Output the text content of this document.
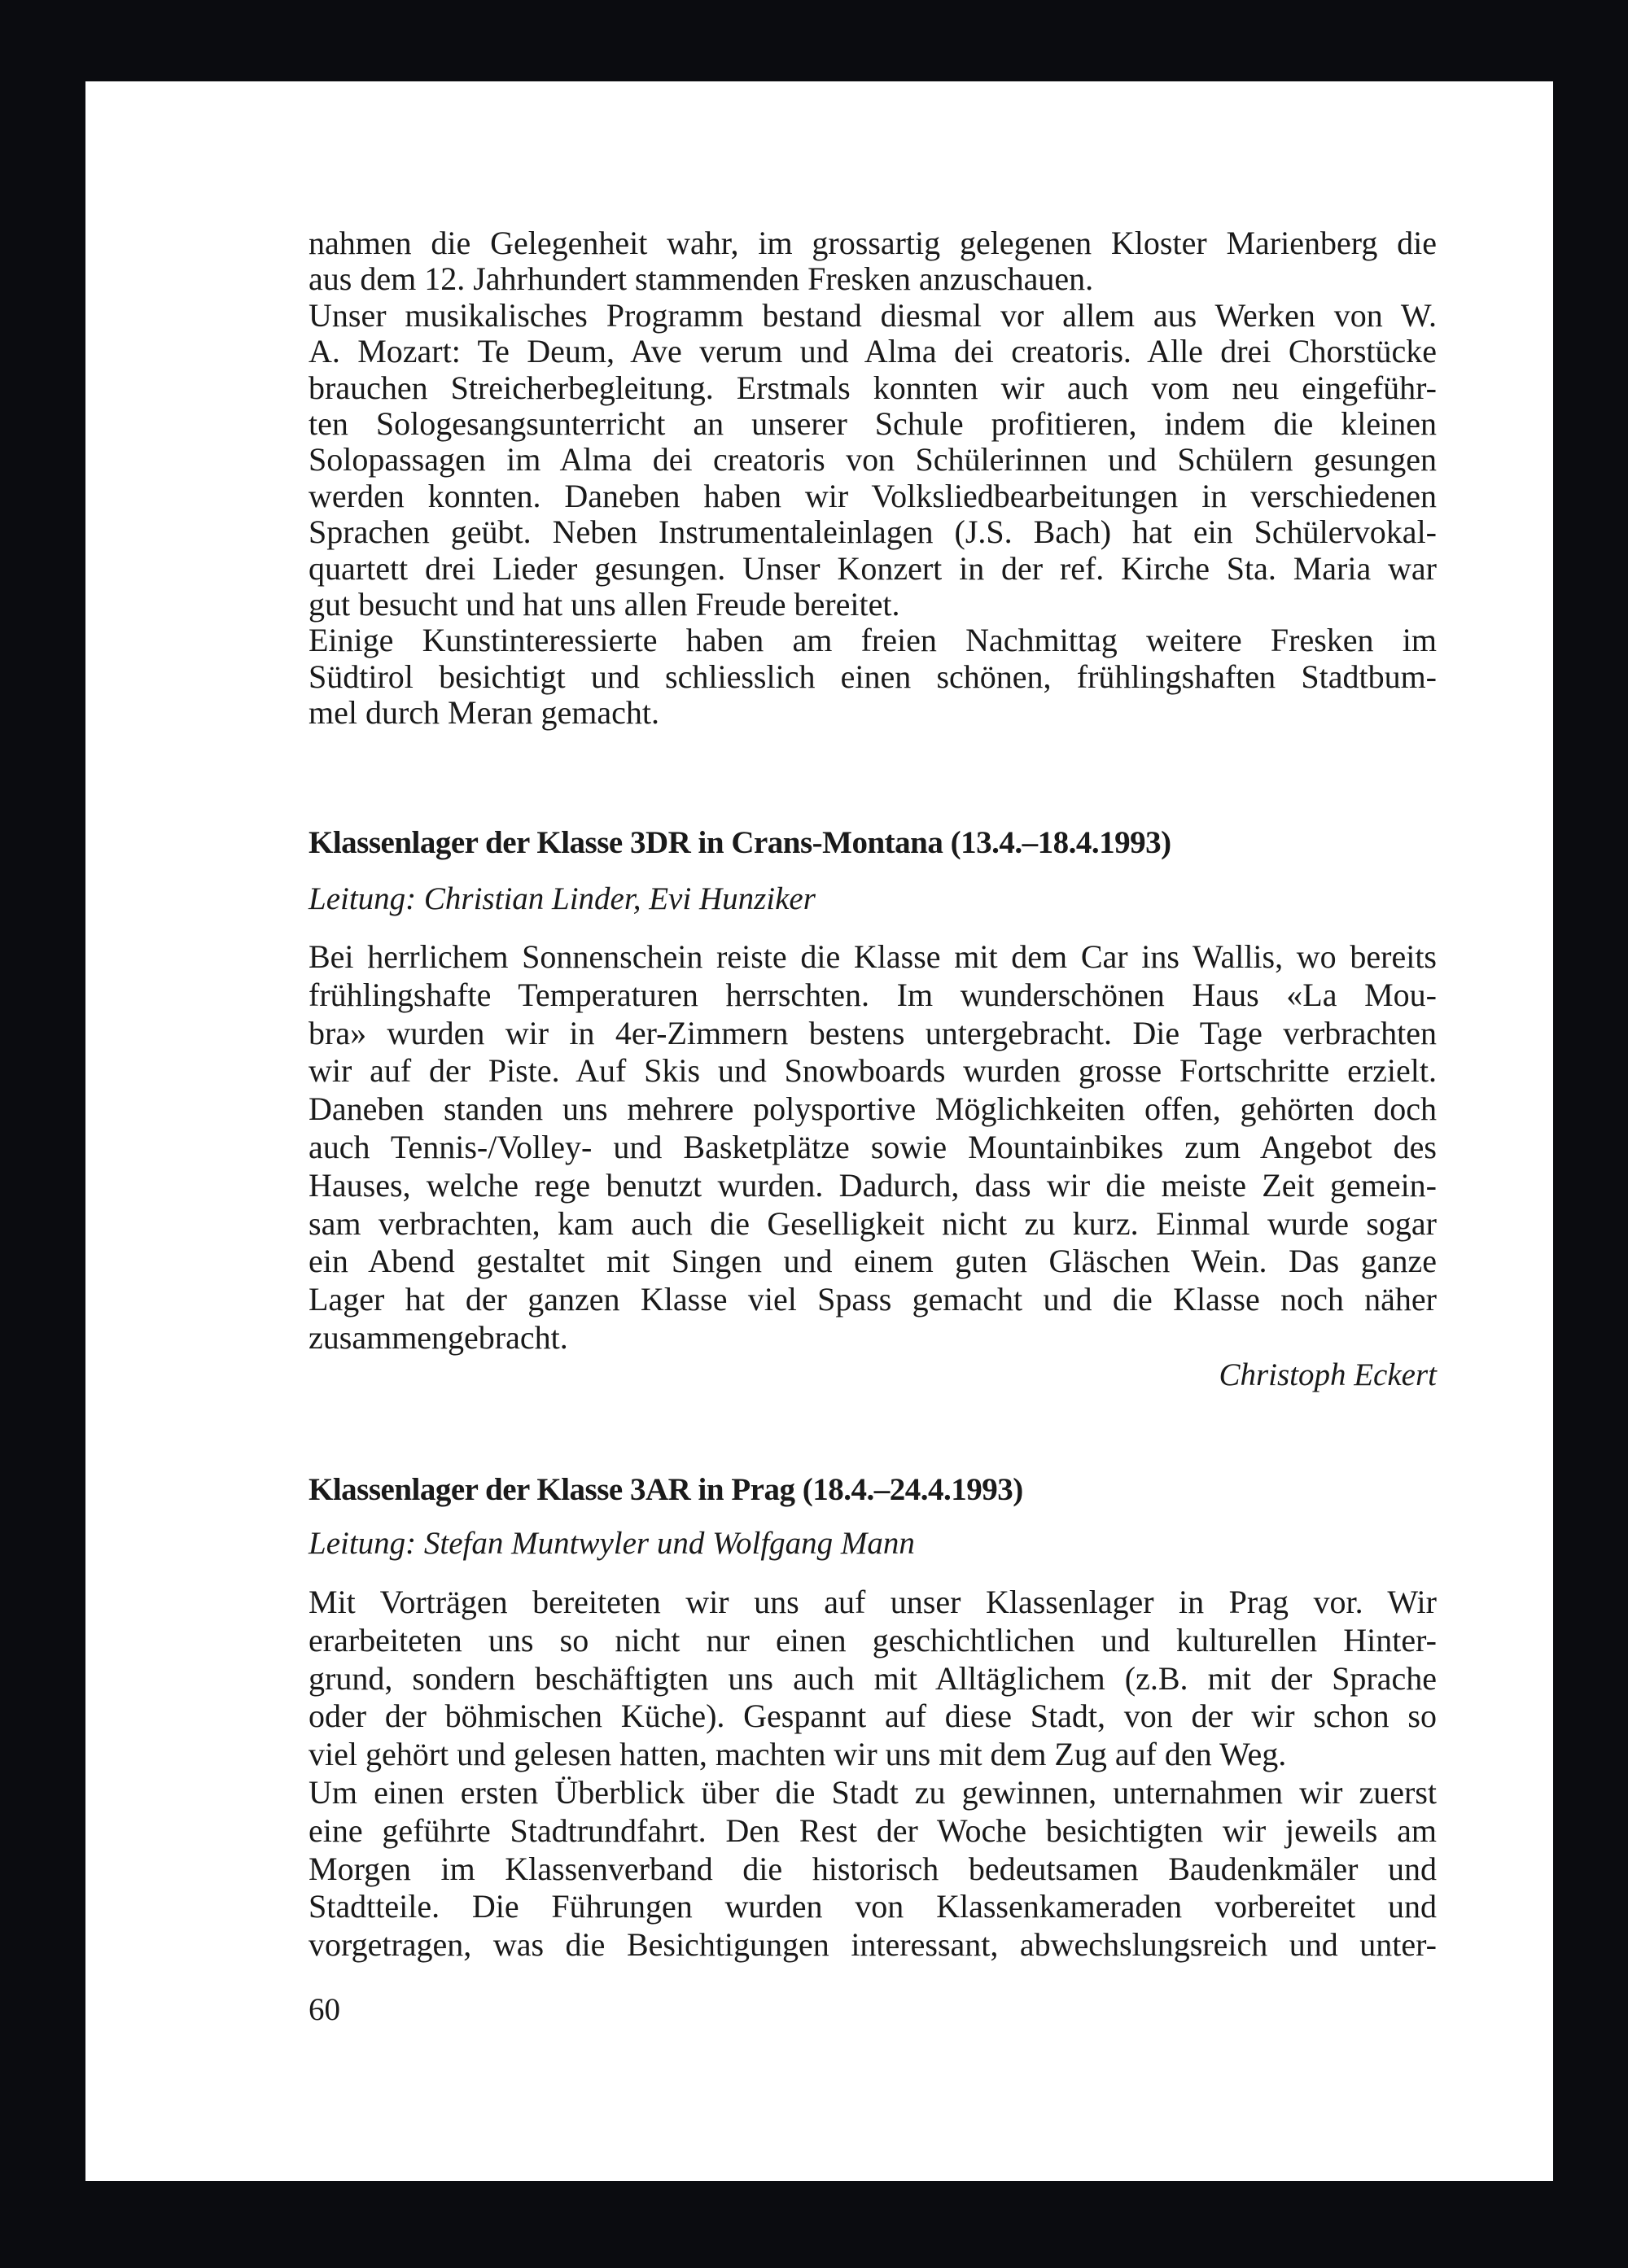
nahmen die Gelegenheit wahr, im grossartig gelegenen Kloster Marienberg die
aus dem 12. Jahrhundert stammenden Fresken anzuschauen.
Unser musikalisches Programm bestand diesmal vor allem aus Werken von W.
A. Mozart: Te Deum, Ave verum und Alma dei creatoris. Alle drei Chorstücke
brauchen Streicherbegleitung. Erstmals konnten wir auch vom neu eingeführ-
ten Sologesangsunterricht an unserer Schule profitieren, indem die kleinen
Solopassagen im Alma dei creatoris von Schülerinnen und Schülern gesungen
werden konnten. Daneben haben wir Volksliedbearbeitungen in verschiedenen
Sprachen geübt. Neben Instrumentaleinlagen (J.S. Bach) hat ein Schülervokal-
quartett drei Lieder gesungen. Unser Konzert in der ref. Kirche Sta. Maria war
gut besucht und hat uns allen Freude bereitet.
Einige Kunstinteressierte haben am freien Nachmittag weitere Fresken im
Südtirol besichtigt und schliesslich einen schönen, frühlingshaften Stadtbum-
mel durch Meran gemacht.
Klassenlager der Klasse 3DR in Crans-Montana (13.4.–18.4.1993)
Leitung: Christian Linder, Evi Hunziker
Bei herrlichem Sonnenschein reiste die Klasse mit dem Car ins Wallis, wo bereits
frühlingshafte Temperaturen herrschten. Im wunderschönen Haus «La Mou-
bra» wurden wir in 4er-Zimmern bestens untergebracht. Die Tage verbrachten
wir auf der Piste. Auf Skis und Snowboards wurden grosse Fortschritte erzielt.
Daneben standen uns mehrere polysportive Möglichkeiten offen, gehörten doch
auch Tennis-/Volley- und Basketplätze sowie Mountainbikes zum Angebot des
Hauses, welche rege benutzt wurden. Dadurch, dass wir die meiste Zeit gemein-
sam verbrachten, kam auch die Geselligkeit nicht zu kurz. Einmal wurde sogar
ein Abend gestaltet mit Singen und einem guten Gläschen Wein. Das ganze
Lager hat der ganzen Klasse viel Spass gemacht und die Klasse noch näher
zusammengebracht.
Christoph Eckert
Klassenlager der Klasse 3AR in Prag (18.4.–24.4.1993)
Leitung: Stefan Muntwyler und Wolfgang Mann
Mit Vorträgen bereiteten wir uns auf unser Klassenlager in Prag vor. Wir
erarbeiteten uns so nicht nur einen geschichtlichen und kulturellen Hinter-
grund, sondern beschäftigten uns auch mit Alltäglichem (z.B. mit der Sprache
oder der böhmischen Küche). Gespannt auf diese Stadt, von der wir schon so
viel gehört und gelesen hatten, machten wir uns mit dem Zug auf den Weg.
Um einen ersten Überblick über die Stadt zu gewinnen, unternahmen wir zuerst
eine geführte Stadtrundfahrt. Den Rest der Woche besichtigten wir jeweils am
Morgen im Klassenverband die historisch bedeutsamen Baudenkmäler und
Stadtteile. Die Führungen wurden von Klassenkameraden vorbereitet und
vorgetragen, was die Besichtigungen interessant, abwechslungsreich und unter-
60
